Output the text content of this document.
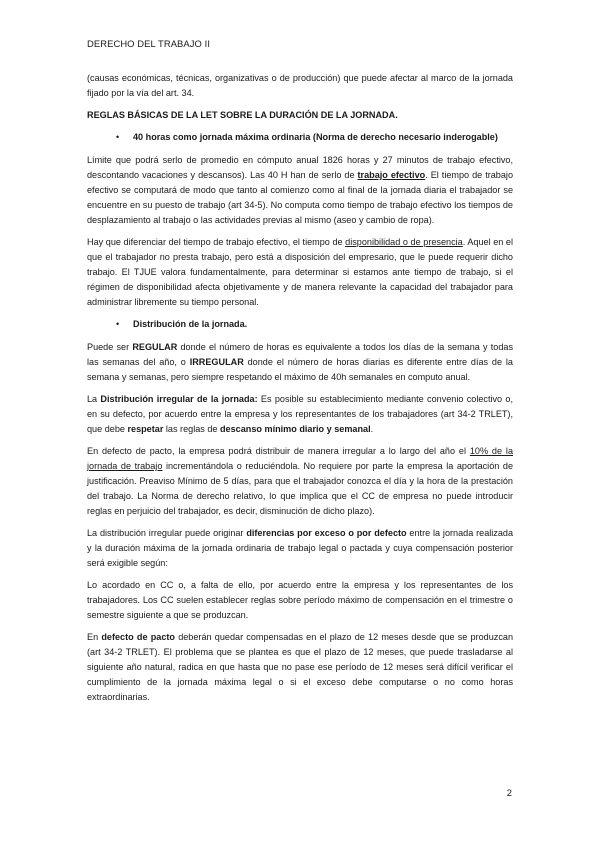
DERECHO DEL TRABAJO II

(causas económicas, técnicas, organizativas o de producción) que puede afectar al marco de la jornada fijado por la vía del art. 34.

REGLAS BÁSICAS DE LA LET SOBRE LA DURACIÓN DE LA JORNADA.

• 40 horas como jornada máxima ordinaria (Norma de derecho necesario inderogable)

Límite que podrá serlo de promedio en cómputo anual 1826 horas y 27 minutos de trabajo efectivo, descontando vacaciones y descansos). Las 40 H han de serlo de trabajo efectivo. El tiempo de trabajo efectivo se computará de modo que tanto al comienzo como al final de la jornada diaria el trabajador se encuentre en su puesto de trabajo (art 34-5). No computa como tiempo de trabajo efectivo los tiempos de desplazamiento al trabajo o las actividades previas al mismo (aseo y cambio de ropa).

Hay que diferenciar del tiempo de trabajo efectivo, el tiempo de disponibilidad o de presencia. Aquel en el que el trabajador no presta trabajo, pero está a disposición del empresario, que le puede requerir dicho trabajo. El TJUE valora fundamentalmente, para determinar si estamos ante tiempo de trabajo, si el régimen de disponibilidad afecta objetivamente y de manera relevante la capacidad del trabajador para administrar libremente su tiempo personal.

• Distribución de la jornada.

Puede ser REGULAR donde el número de horas es equivalente a todos los días de la semana y todas las semanas del año, o IRREGULAR donde el número de horas diarias es diferente entre días de la semana y semanas, pero siempre respetando el máximo de 40h semanales en computo anual.

La Distribución irregular de la jornada: Es posible su establecimiento mediante convenio colectivo o, en su defecto, por acuerdo entre la empresa y los representantes de los trabajadores (art 34-2 TRLET), que debe respetar las reglas de descanso mínimo diario y semanal.

En defecto de pacto, la empresa podrá distribuir de manera irregular a lo largo del año el 10% de la jornada de trabajo incrementándola o reduciéndola. No requiere por parte la empresa la aportación de justificación. Preaviso Mínimo de 5 días, para que el trabajador conozca el día y la hora de la prestación del trabajo. La Norma de derecho relativo, lo que implica que el CC de empresa no puede introducir reglas en perjuicio del trabajador, es decir, disminución de dicho plazo).

La distribución irregular puede originar diferencias por exceso o por defecto entre la jornada realizada y la duración máxima de la jornada ordinaria de trabajo legal o pactada y cuya compensación posterior será exigible según:

Lo acordado en CC o, a falta de ello, por acuerdo entre la empresa y los representantes de los trabajadores. Los CC suelen establecer reglas sobre período máximo de compensación en el trimestre o semestre siguiente a que se produzcan.

En defecto de pacto deberán quedar compensadas en el plazo de 12 meses desde que se produzcan (art 34-2 TRLET). El problema que se plantea es que el plazo de 12 meses, que puede trasladarse al siguiente año natural, radica en que hasta que no pase ese período de 12 meses será difícil verificar el cumplimiento de la jornada máxima legal o si el exceso debe computarse o no como horas extraordinarias.

2
